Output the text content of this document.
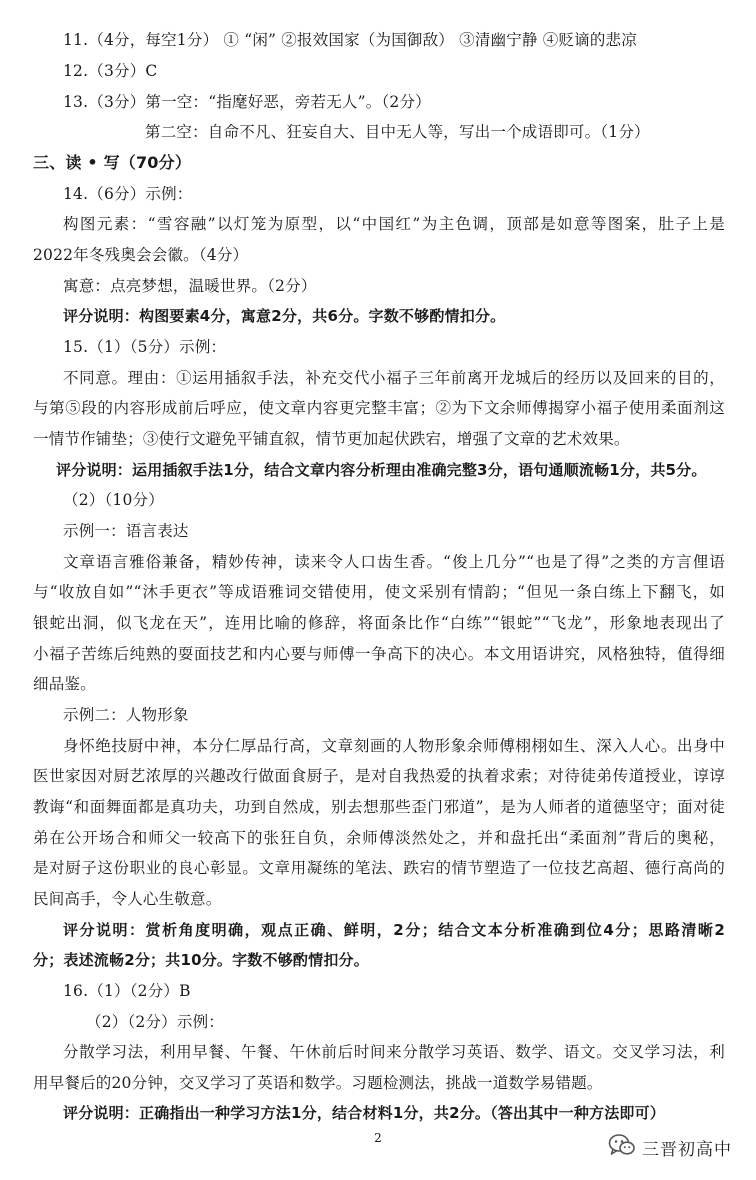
11.（4分，每空1分） ① “闲” ②报效国家（为国御敌） ③清幽宁静 ④贬谪的悲凉
12.（3分）C
13.（3分）第一空：“指麾好恶，旁若无人”。（2分）
第二空：自命不凡、狂妄自大、目中无人等，写出一个成语即可。（1分）
三、读 • 写（70分）
14.（6分）示例：
构图元素：“雪容融”以灯笼为原型，以“中国红”为主色调，顶部是如意等图案，肚子上是
2022年冬残奥会会徽。（4分）
寓意：点亮梦想，温暖世界。（2分）
评分说明：构图要素4分，寓意2分，共6分。字数不够酌情扣分。
15.（1）（5分）示例：
不同意。理由：①运用插叙手法，补充交代小福子三年前离开龙城后的经历以及回来的目的，
与第⑤段的内容形成前后呼应，使文章内容更完整丰富；②为下文余师傅揭穿小福子使用柔面剂这
一情节作铺垫；③使行文避免平铺直叙，情节更加起伏跌宕，增强了文章的艺术效果。
评分说明：运用插叙手法1分，结合文章内容分析理由准确完整3分，语句通顺流畅1分，共5分。
（2）（10分）
示例一：语言表达
文章语言雅俗兼备，精妙传神，读来令人口齿生香。“俊上几分”“也是了得”之类的方言俚语
与“收放自如”“沐手更衣”等成语雅词交错使用，使文采别有情韵；“但见一条白练上下翻飞，如
银蛇出洞，似飞龙在天”，连用比喻的修辞，将面条比作“白练”“银蛇”“飞龙”，形象地表现出了
小福子苦练后纯熟的耍面技艺和内心要与师傅一争高下的决心。本文用语讲究，风格独特，值得细
细品鉴。
示例二：人物形象
身怀绝技厨中神，本分仁厚品行高，文章刻画的人物形象余师傅栩栩如生、深入人心。出身中
医世家因对厨艺浓厚的兴趣改行做面食厨子，是对自我热爱的执着求索；对待徒弟传道授业，谆谆
教诲“和面舞面都是真功夫，功到自然成，别去想那些歪门邪道”，是为人师者的道德坚守；面对徒
弟在公开场合和师父一较高下的张狂自负，余师傅淡然处之，并和盘托出“柔面剂”背后的奥秘，
是对厨子这份职业的良心彰显。文章用凝练的笔法、跌宕的情节塑造了一位技艺高超、德行高尚的
民间高手，令人心生敬意。
评分说明：赏析角度明确，观点正确、鲜明，2分；结合文本分析准确到位4分；思路清晰2
分；表述流畅2分；共10分。字数不够酌情扣分。
16.（1）（2分）B
（2）（2分）示例：
分散学习法，利用早餐、午餐、午休前后时间来分散学习英语、数学、语文。交叉学习法，利
用早餐后的20分钟，交叉学习了英语和数学。习题检测法，挑战一道数学易错题。
评分说明：正确指出一种学习方法1分，结合材料1分，共2分。（答出其中一种方法即可）
2
三晋初高中
